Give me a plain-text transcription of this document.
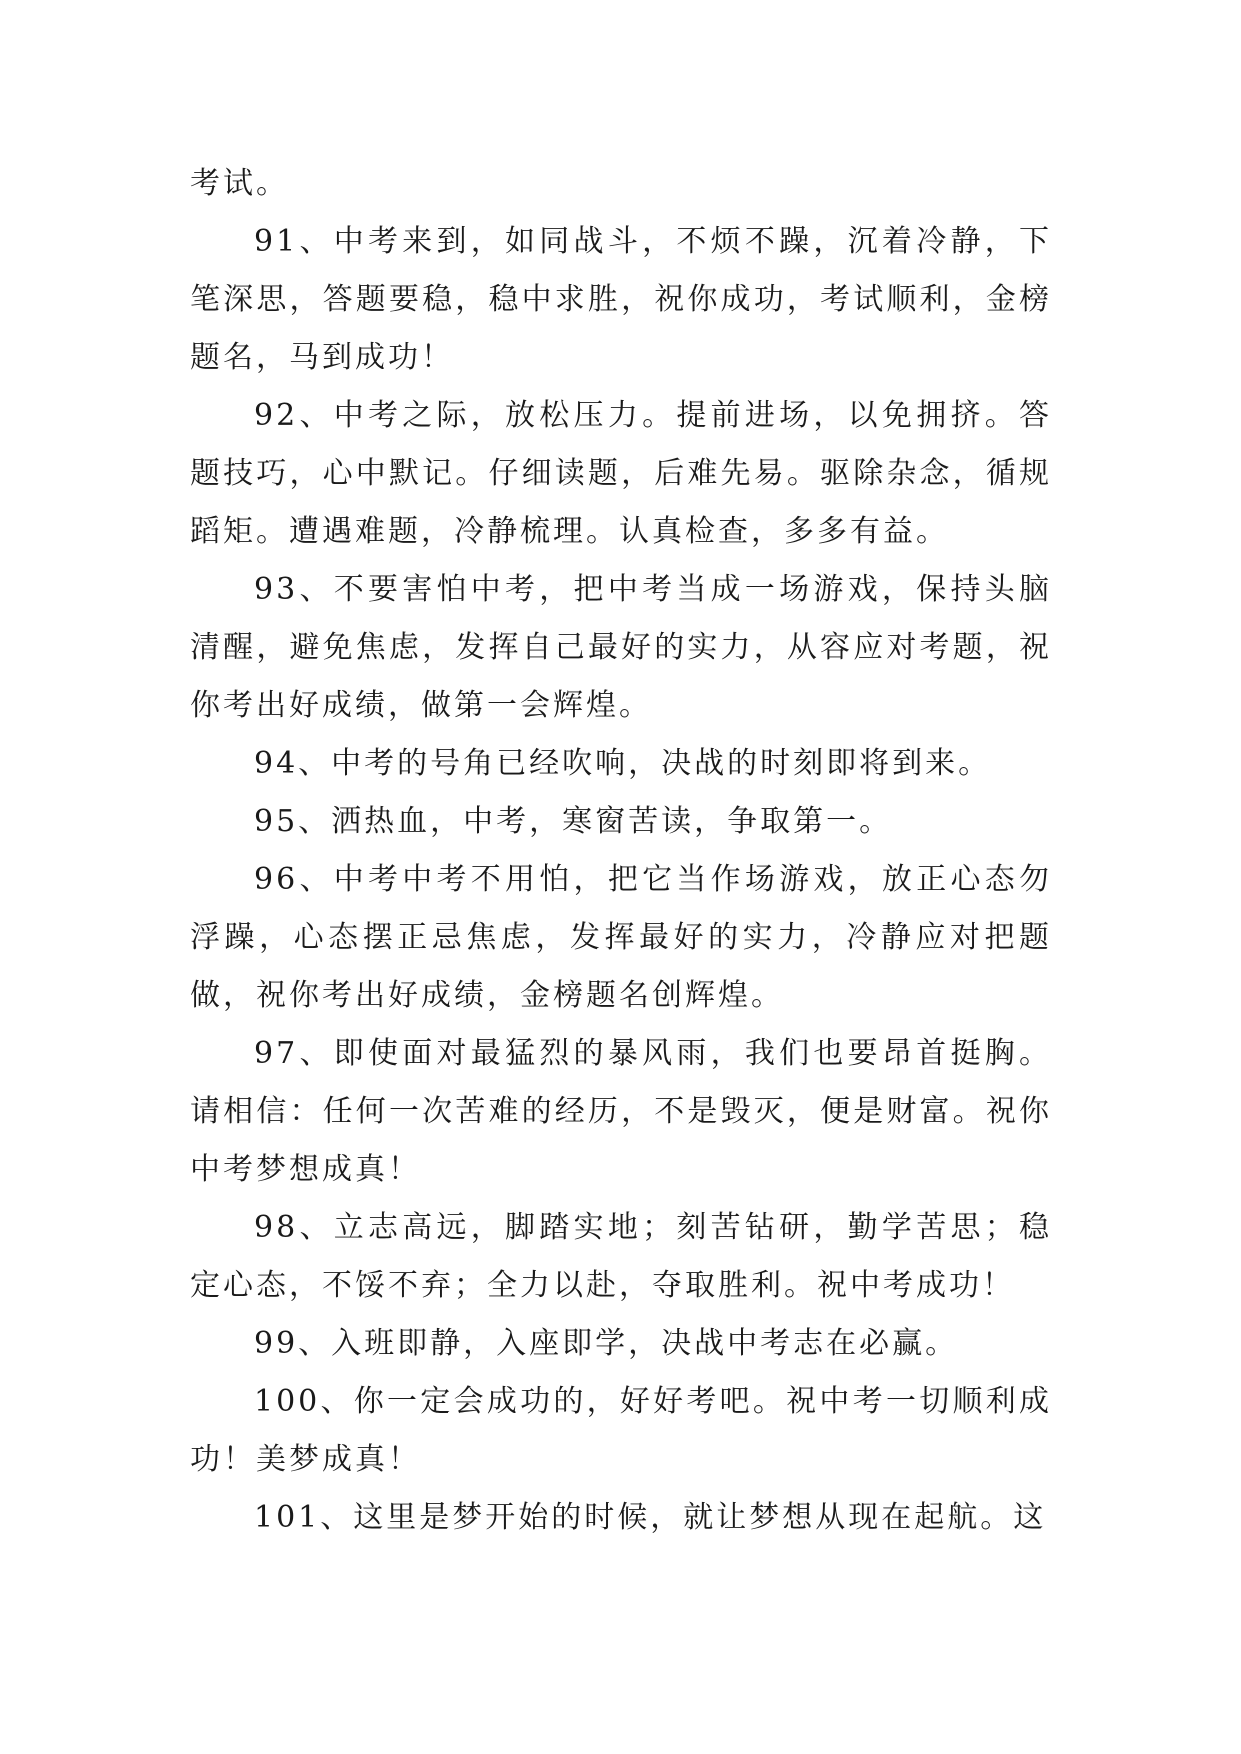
考试。

91、中考来到，如同战斗，不烦不躁，沉着冷静，下笔深思，答题要稳，稳中求胜，祝你成功，考试顺利，金榜题名，马到成功！

92、中考之际，放松压力。提前进场，以免拥挤。答题技巧，心中默记。仔细读题，后难先易。驱除杂念，循规蹈矩。遭遇难题，冷静梳理。认真检查，多多有益。

93、不要害怕中考，把中考当成一场游戏，保持头脑清醒，避免焦虑，发挥自己最好的实力，从容应对考题，祝你考出好成绩，做第一会辉煌。

94、中考的号角已经吹响，决战的时刻即将到来。

95、洒热血，中考，寒窗苦读，争取第一。

96、中考中考不用怕，把它当作场游戏，放正心态勿浮躁，心态摆正忌焦虑，发挥最好的实力，冷静应对把题做，祝你考出好成绩，金榜题名创辉煌。

97、即使面对最猛烈的暴风雨，我们也要昂首挺胸。请相信：任何一次苦难的经历，不是毁灭，便是财富。祝你中考梦想成真！

98、立志高远，脚踏实地；刻苦钻研，勤学苦思；稳定心态，不馁不弃；全力以赴，夺取胜利。祝中考成功！

99、入班即静，入座即学，决战中考志在必赢。

100、你一定会成功的，好好考吧。祝中考一切顺利成功！美梦成真！

101、这里是梦开始的时候，就让梦想从现在起航。这
